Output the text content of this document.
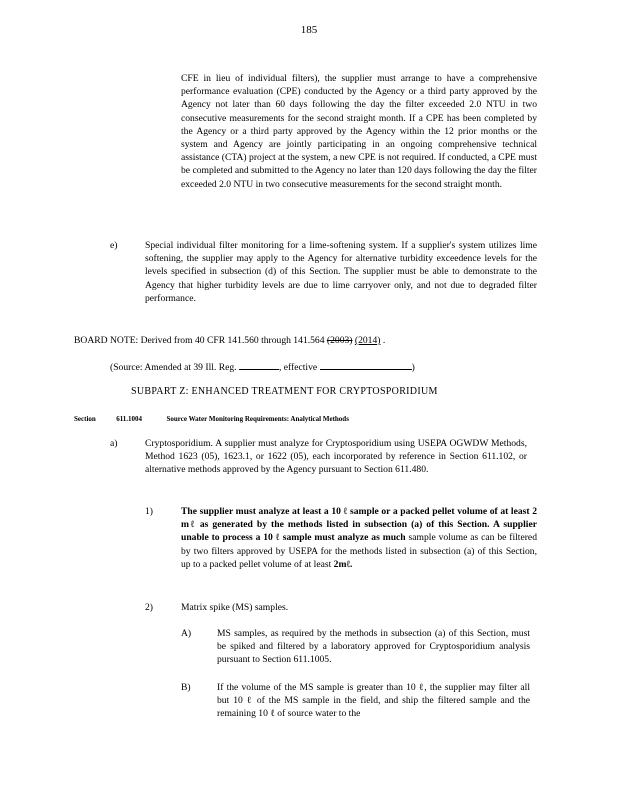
185
CFE in lieu of individual filters), the supplier must arrange to have a comprehensive performance evaluation (CPE) conducted by the Agency or a third party approved by the Agency not later than 60 days following the day the filter exceeded 2.0 NTU in two consecutive measurements for the second straight month. If a CPE has been completed by the Agency or a third party approved by the Agency within the 12 prior months or the system and Agency are jointly participating in an ongoing comprehensive technical assistance (CTA) project at the system, a new CPE is not required. If conducted, a CPE must be completed and submitted to the Agency no later than 120 days following the day the filter exceeded 2.0 NTU in two consecutive measurements for the second straight month.
e)	Special individual filter monitoring for a lime-softening system. If a supplier's system utilizes lime softening, the supplier may apply to the Agency for alternative turbidity exceedence levels for the levels specified in subsection (d) of this Section. The supplier must be able to demonstrate to the Agency that higher turbidity levels are due to lime carryover only, and not due to degraded filter performance.
BOARD NOTE: Derived from 40 CFR 141.560 through 141.564 (2003) (2014) .
(Source: Amended at 39 Ill. Reg.	, effective	)
SUBPART Z: ENHANCED TREATMENT FOR CRYPTOSPORIDIUM
Section	611.1004	Source Water Monitoring Requirements: Analytical Methods
a)	Cryptosporidium. A supplier must analyze for Cryptosporidium using USEPA OGWDW Methods, Method 1623 (05), 1623.1, or 1622 (05), each incorporated by reference in Section 611.102, or alternative methods approved by the Agency pursuant to Section 611.480.
1)	The supplier must analyze at least a 10 ℓ sample or a packed pellet volume of at least 2 mℓ as generated by the methods listed in subsection (a) of this Section. A supplier unable to process a 10 ℓ sample must analyze as much sample volume as can be filtered by two filters approved by USEPA for the methods listed in subsection (a) of this Section, up to a packed pellet volume of at least 2mℓ.
2)	Matrix spike (MS) samples.
A)	MS samples, as required by the methods in subsection (a) of this Section, must be spiked and filtered by a laboratory approved for Cryptosporidium analysis pursuant to Section 611.1005.
B)	If the volume of the MS sample is greater than 10 ℓ, the supplier may filter all but 10 ℓ of the MS sample in the field, and ship the filtered sample and the remaining 10 ℓ of source water to the
